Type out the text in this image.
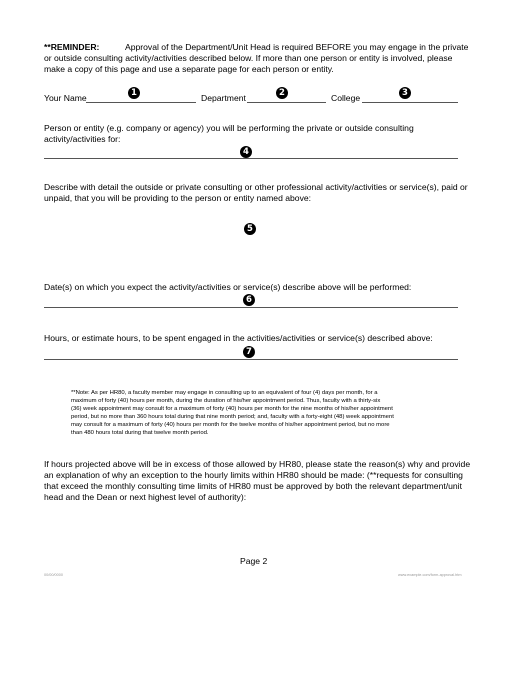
**REMINDER:	Approval of the Department/Unit Head is required BEFORE you may engage in the private
or outside consulting activity/activities described below. If more than one person or entity is involved, please
make a copy of this page and use a separate page for each person or entity.
Your Name	1	Department	2	College	3
Person or entity (e.g. company or agency) you will be performing the private or outside consulting
activity/activities for:
4
Describe with detail the outside or private consulting or other professional activity/activities or service(s), paid or
unpaid, that you will be providing to the person or entity named above:
5
Date(s) on which you expect the activity/activities or service(s) describe above will be performed:
6
Hours, or estimate hours, to be spent engaged in the activities/activities or service(s) described above:
7
**Note: As per HR80, a faculty member may engage in consulting up to an equivalent of four (4) days per month, for a
maximum of forty (40) hours per month, during the duration of his/her appointment period. Thus, faculty with a thirty-six
(36) week appointment may consult for a maximum of forty (40) hours per month for the nine months of his/her appointment
period, but no more than 360 hours total during that nine month period; and, faculty with a forty-eight (48) week appointment
may consult for a maximum of forty (40) hours per month for the twelve months of his/her appointment period, but no more
than 480 hours total during that twelve month period.
If hours projected above will be in excess of those allowed by HR80, please state the reason(s) why and provide
an explanation of why an exception to the hourly limits within HR80 should be made: (**requests for consulting
that exceed the monthly consulting time limits of HR80 must be approved by both the relevant department/unit
head and the Dean or next highest level of authority):
Page 2
00/00/0000	www.example.com/form-approval.htm
